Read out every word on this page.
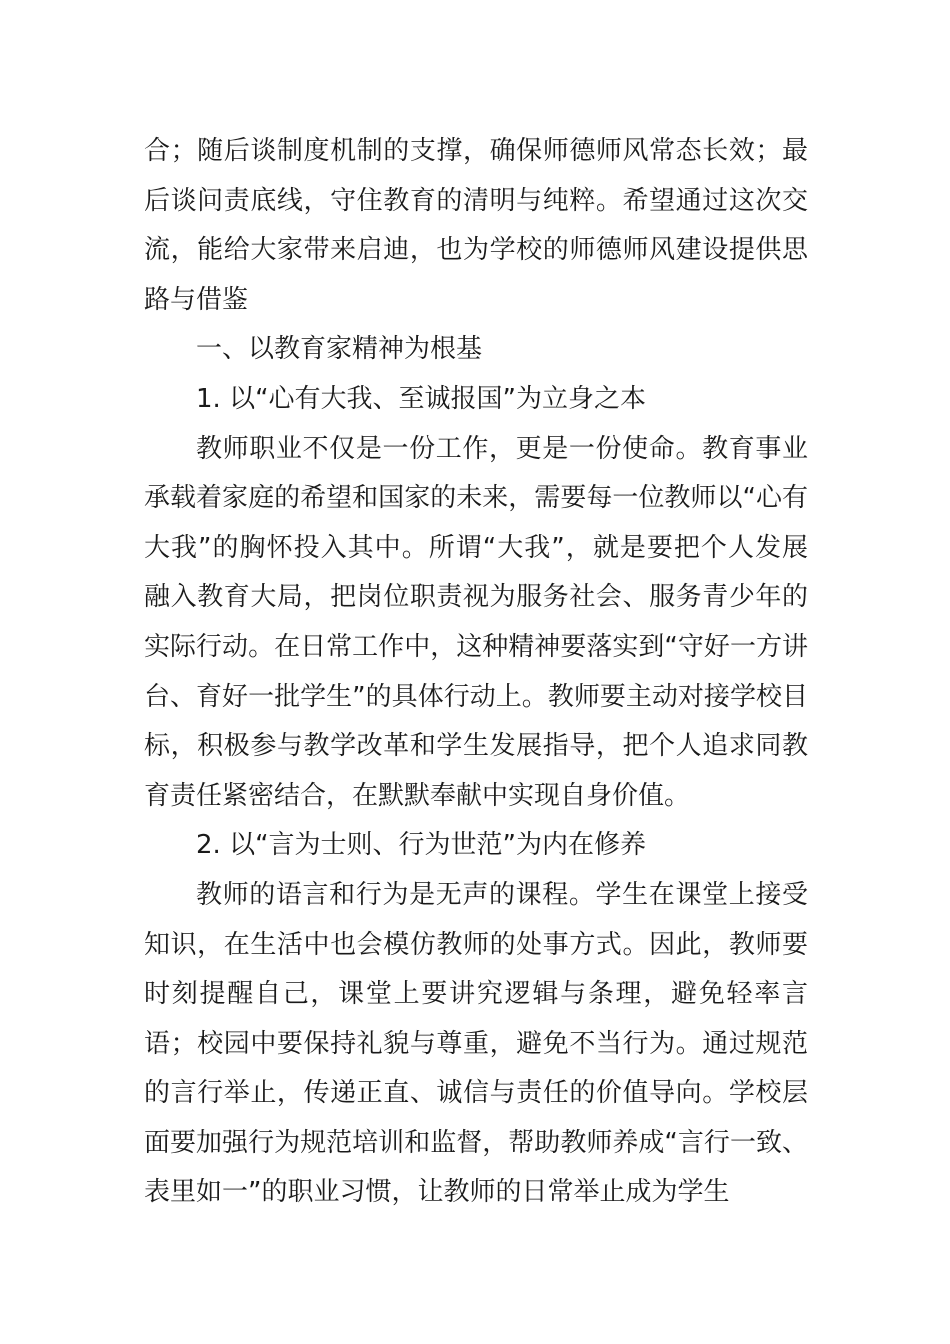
合；随后谈制度机制的支撑，确保师德师风常态长效；最后谈问责底线，守住教育的清明与纯粹。希望通过这次交流，能给大家带来启迪，也为学校的师德师风建设提供思路与借鉴

一、以教育家精神为根基

1. 以“心有大我、至诚报国”为立身之本

教师职业不仅是一份工作，更是一份使命。教育事业承载着家庭的希望和国家的未来，需要每一位教师以“心有大我”的胸怀投入其中。所谓“大我”，就是要把个人发展融入教育大局，把岗位职责视为服务社会、服务青少年的实际行动。在日常工作中，这种精神要落实到“守好一方讲台、育好一批学生”的具体行动上。教师要主动对接学校目标，积极参与教学改革和学生发展指导，把个人追求同教育责任紧密结合，在默默奉献中实现自身价值。

2. 以“言为士则、行为世范”为内在修养

教师的语言和行为是无声的课程。学生在课堂上接受知识，在生活中也会模仿教师的处事方式。因此，教师要时刻提醒自己，课堂上要讲究逻辑与条理，避免轻率言语；校园中要保持礼貌与尊重，避免不当行为。通过规范的言行举止，传递正直、诚信与责任的价值导向。学校层面要加强行为规范培训和监督，帮助教师养成“言行一致、表里如一”的职业习惯，让教师的日常举止成为学生
